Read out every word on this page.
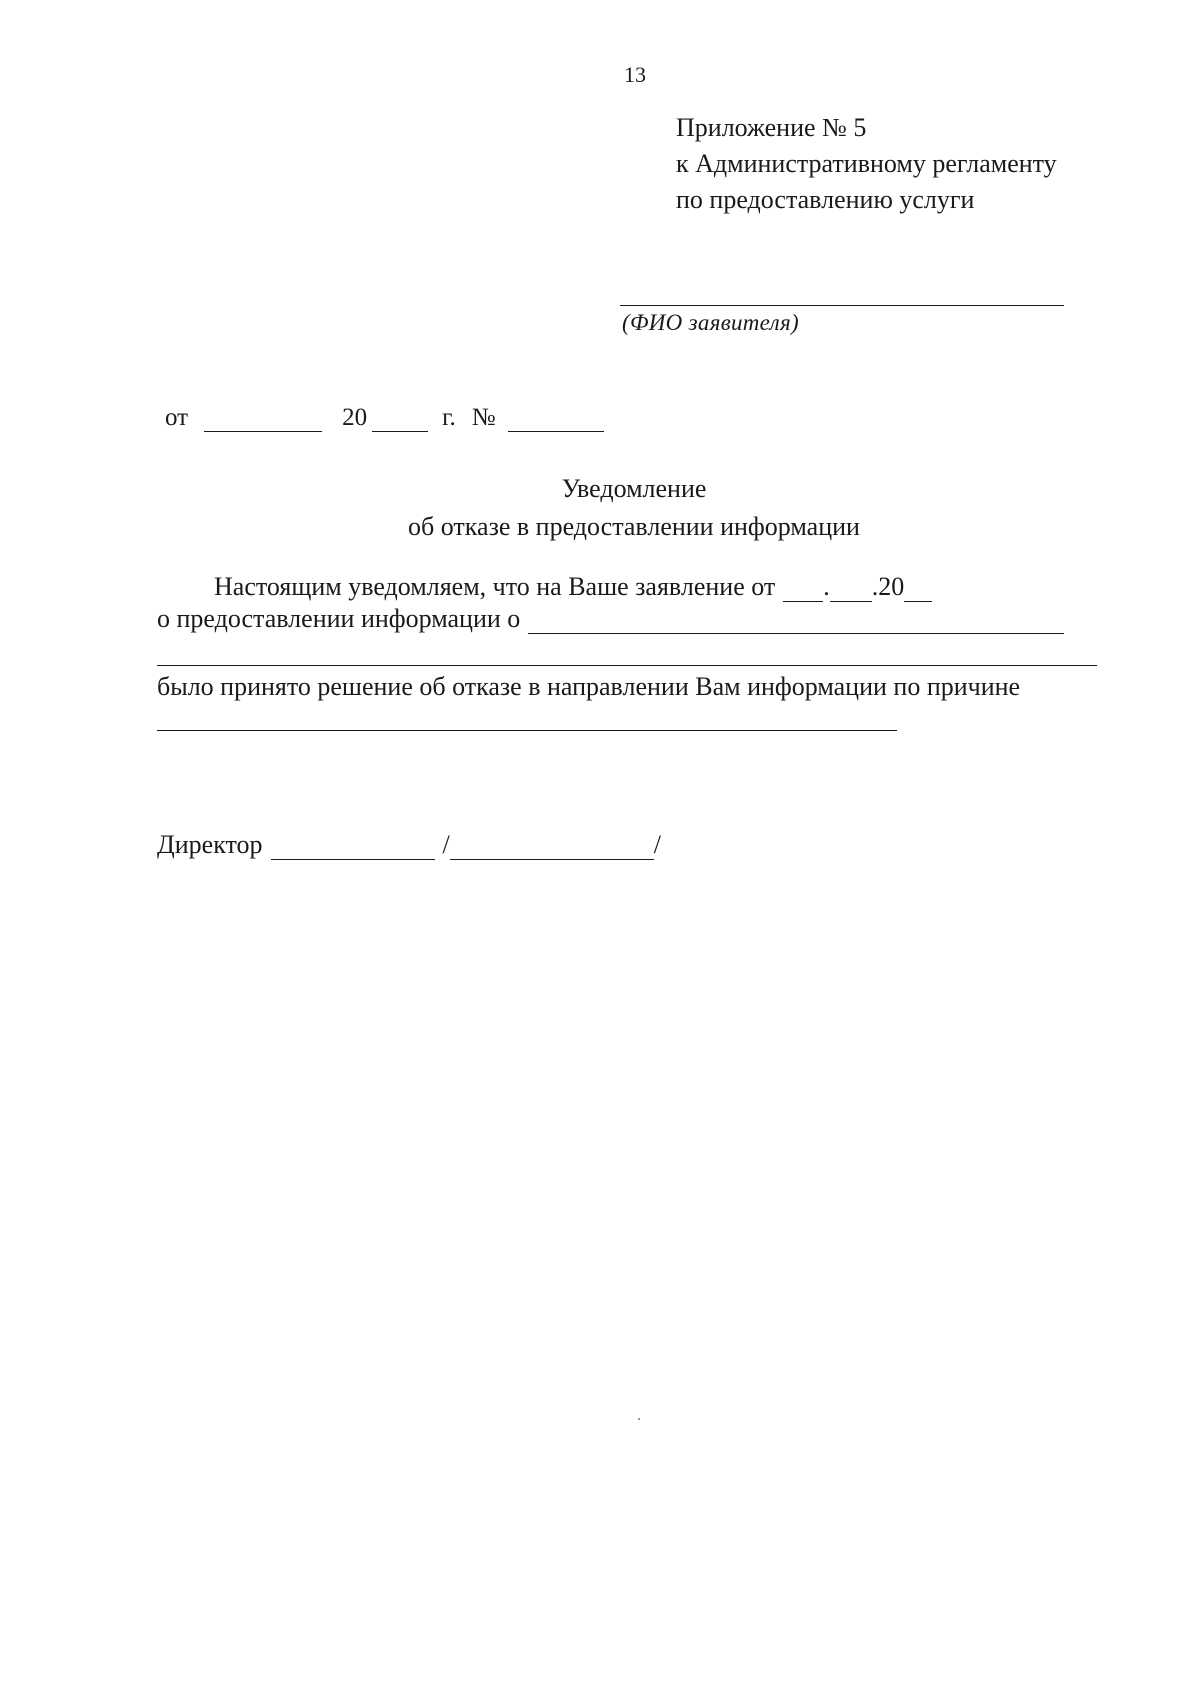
13
Приложение № 5
к Административному регламенту
по предоставлению услуги
(ФИО заявителя)
от	20	г. №
Уведомление
об отказе в предоставлении информации
Настоящим уведомляем, что на Ваше заявление от . .20
о предоставлении информации о
было принято решение об отказе в направлении Вам информации по причине
Директор	/	/
